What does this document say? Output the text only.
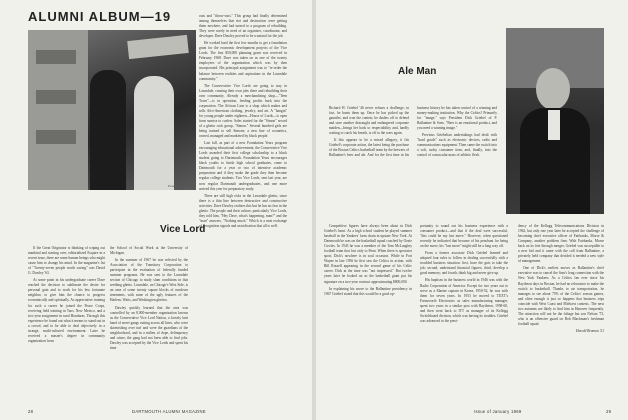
ALUMNI ALBUM—19
Peace Large Photo
Vice Lord

If the Great Originator is thinking of wiping out mankind and starting over, editorialized Esquire in a recent issue, there are some human beings who might cause him to change his mind. In the magazine's list of "Twenty-seven people worth saving" was David G. Dawley '63.

At some point in his undergraduate career Dave reached the decision to sublimate the desire for personal gain and to work for his less fortunate neighbor, to give him the chance to progress economically and spiritually. As appreciative training for such a career he joined the Peace Corps, receiving field training in Taos, New Mexico, and a two-year assignment in rural Honduras. Through this experience he found out what it means to stand out in a crowd, and to be able to deal objectively in a strange, multi-cultured environment. Later he received a master's degree in community organization from

the School of Social Work at the University of Michigan.

In the summer of 1967 he was selected by the Association of the Transitory Corporation to participate in the evaluation of federally funded summer programs. He was sent to the Lawndale section of Chicago to study slum conditions in that seething ghetto. Lawndale, on Chicago's West Side, is an area of some twenty square blocks of rundown tenements, with none of the ugly features of the Harlem, Watts, and Washington ghettos.

Dawley quickly learned that the area was controlled by an 8,000-member organization known as the Conservative Vice Lord Nation, a loosely knit band of street gangs cutting across all lines, who were skirmishing over turf and were the guardians of the neighborhood, and in a milieu of dope, delinquency and crime, the gang had not been able to find jobs. Dawley was accepted by the Vice Lords and spent his time

outs and "throw-outs." This group had finally determined among themselves that riot and destruction were getting them nowhere, and had turned to a program of rebuilding. They were sorely in need of an organizer, coordinator, and developer. Dave Dawley proved to be a natural for the job.

He worked hard the first few months to get a foundation grant for the economic development projects of the Vice Lords. The first $50,000 planning grant was received in February 1968. Dave was taken on as one of the twenty employees of the organization which was by then incorporated. His principal assignment was to "re-order the balance between realities and aspirations in the Lawndale community."

The Conservative Vice Lords are going to stay in Lawndale, creating their own jobs there and rebuilding their own community. Already a merchandising shop—"Teen Town"—is in operation, feeding profits back into the corporation. The African Lion is a shop which makes and sells Afro-American clothing, jewelry, and art. A "hangin" for young people under eighteen—House of Lords—is open from sunrise to curfew. Sales started for the "Simon" record of a ghetto rock group, "Simon." Several hundred girls are being trained to sell Simone, a new line of cosmetics, owned, managed and marketed by black people.

Last fall, as part of a new Foundation Years program encouraging educational achievement, the Conservative Vice Lords awarded their first college scholarship to a black student going to Dartmouth. Foundation Years encourages black youths to finish high school graduates, come to Dartmouth for a year or two of intensive academic preparation and if they make the grade they then become regular college students. Two Vice Lords, sent last year, are now regular Dartmouth undergraduates, and one more arrived this year for preparatory study.

There are still high risks in the Lawndale ghetto, since there is a thin line between destructive and constructive activities. Dave Dawley realizes this but he has no fear in the ghetto. The people and their culture, particularly Vice Lords, they told him, "Hey Dave, what's happening, man?" and the "man" answers, "Nothing much." Which is a neat exchange of recognition signals and an indication that all is well.

28	DARTMOUTH ALUMNI MAGAZINE
Ale Man

Richard H. Griebel '46 never refuses a challenge; in fact, he hunts them up. Once he has picked up the gauntlet, and won the contest, he dashes off to defend and save another distraught and endangered corporate maiden—brings her back to respectability and, hardly waiting to catch his breath, is off to the wars again.

If this appears to be a mixed allegory, it fits Griebel's corporate action, the latest being the purchase of the Boston Celtics basketball team by the brewers of Ballantine's beer and ale. And for the first time in his business history he has taken control of a winning and money-making institution. Why the Celtics? Primarily for "image," says President Dick Griebel of P. Ballantine & Sons. "Beer is an emotional product, and you need a winning image."

Previous Griebelian undertakings had dealt with "hard goods" such as electronic devices, radio and communications equipment. Then came the switch into a soft, sudsy consumer item, and, finally, into the control of a muscular mass of athletic flesh.

Competitive figures have always been about in Dick Griebel's heart. As a high school student he played summer baseball in the Yankees' farm chain in upstate New York. At Dartmouth he was on the basketball squad coached by Ozzie Cowles. In 1943 he was a member of the Tom McLaughry football team that lost only to Penn. When there is spectator sport, Dick's nowhere is in soul occasion. While in Fort Wayne in late 1956 he first saw the Celtics in action, with Bill Russell appearing in the second game of his Celtic career. Dick at the time was "not impressed." But twelve years later he looked on as the basketball giant put his signature on a two-year contract approximating $800,000.

In explaining his move to the Ballantine presidency in 1967 Griebel stated that this would be a good op-

portunity to round out his business experience with a consumer product—and that if the deal were successful, "this could be my last move." However, when questioned recently he indicated that because of his penchant for being on the move, his "last move" might still be a long way off.

From a former associate Dick Griebel learned and adopted four rules to follow in dealing successfully with a troubled business situation: first, have the guts to take the job; second, understand financial figures; third, develop a good memory; and fourth, think big and never give up.

His baptism in the business world in 1946 was with the Radio Corporation of America. Except for two years out to serve as a Marine captain in Korea, 1950-52, he was with them for seven years. In 1953 he moved to TEXT's Farnsworth Electronics as sales manufacturing manager, spent two years in a similar post with Raytheon, 1958-60, and then went back to ITT as manager of its Kellogg Switchboard division, which was having its troubles. Griebel was advanced to the presi-

dency of the Kellogg Telecommunications Division in 1962, but only one year later he accepted the challenge of becoming chief executive officer of Fairbanks, Morse & Company, another problem firm. With Fairbanks, Morse back on its feet through merger, Griebel was susceptible to a new bid and it came with the call from Ballantine, a privately held company that decided it needed a new style of management.

One of Dick's earliest moves as Ballantine's chief executive was to cancel the firm's long connection with the New York Yankees. As a Celtics fan ever since his Raytheon days in Boston, he had no reluctance to make the switch to basketball. Thanks to air transportation, he manages to see about 75% of the Celtics' season games, and often enough it just so happens that business trips coincide with West Coast and Midwest contests. The next two autumns are likely to find him in Hanover frequently. The attraction will not be the foliage but son Nelson '73, who is an offensive guard on Bob Blackman's freshman football squad.

Harold Braman '21

Issue of January 1969	29
